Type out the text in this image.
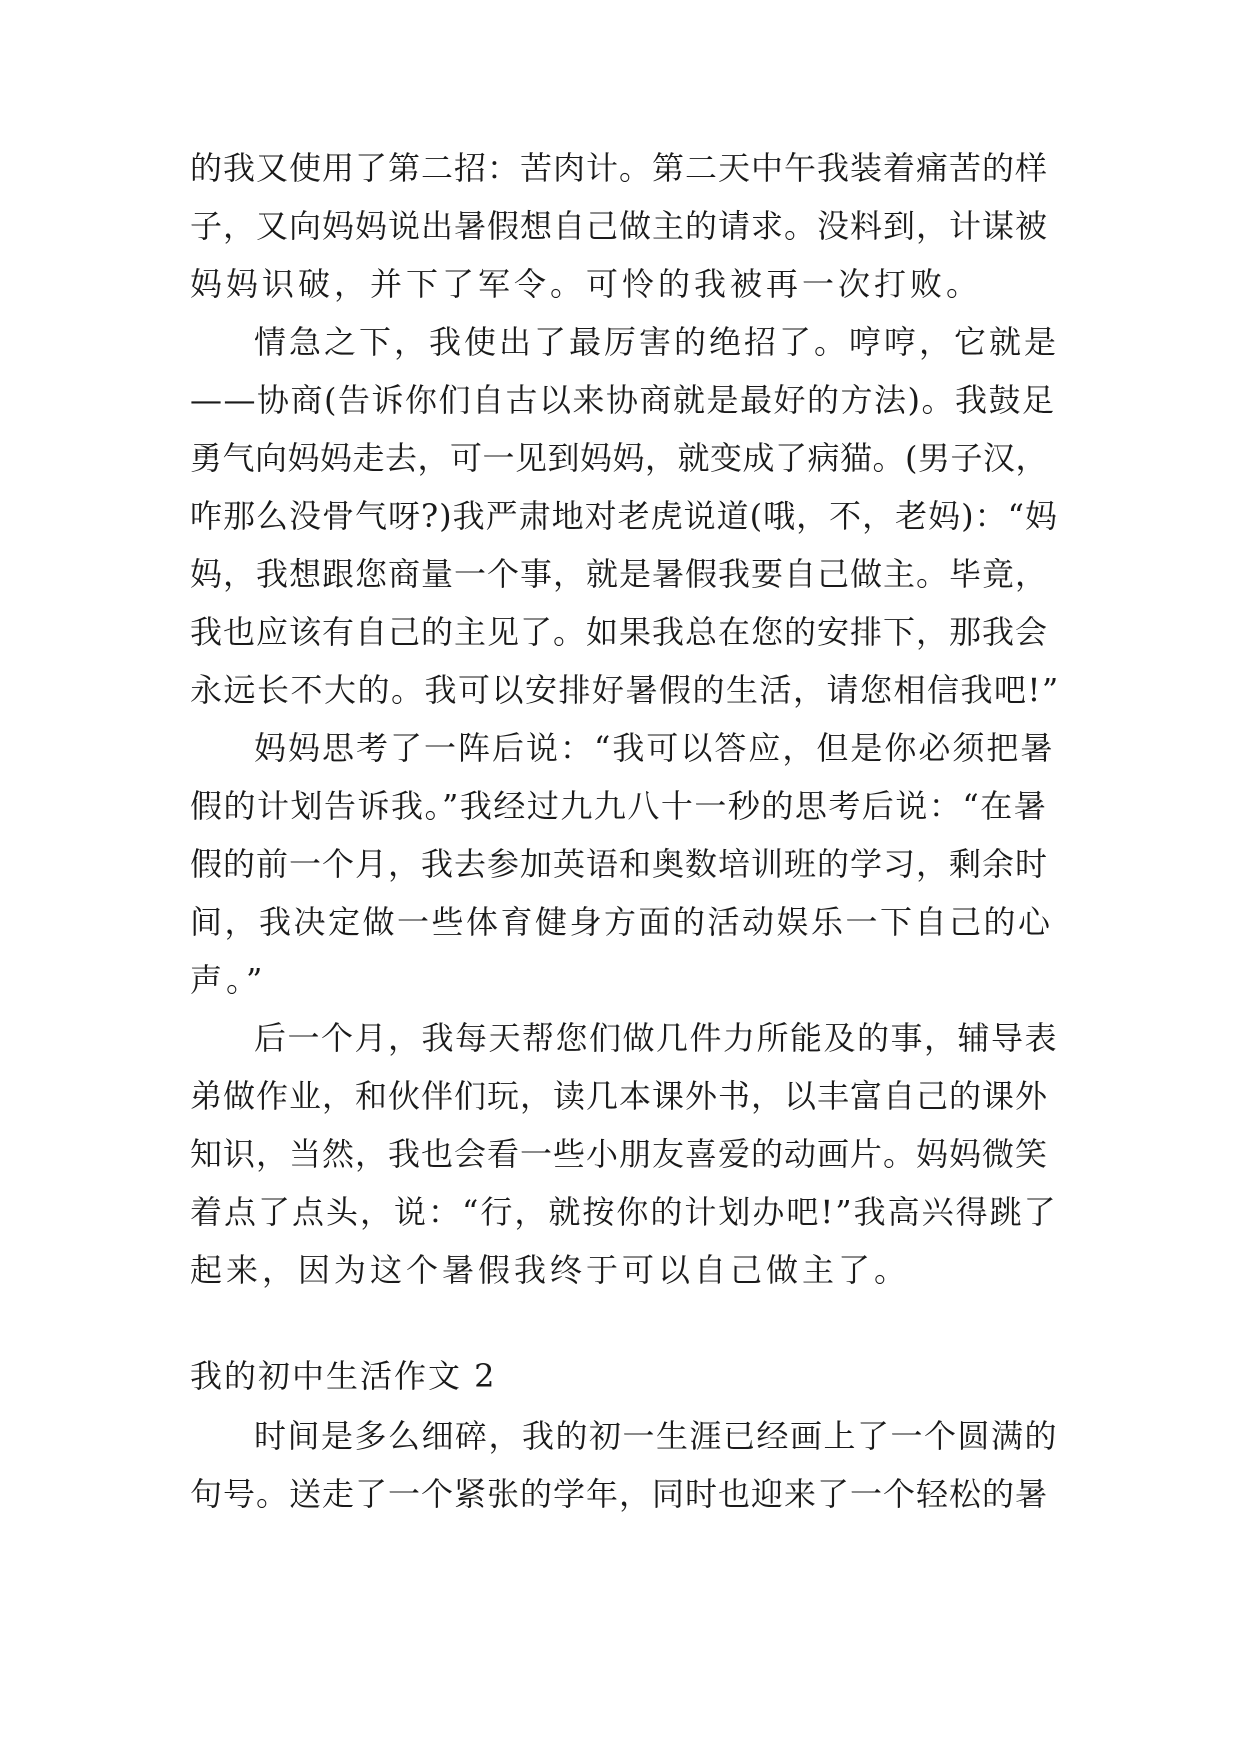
的我又使用了第二招：苦肉计。第二天中午我装着痛苦的样
子，又向妈妈说出暑假想自己做主的请求。没料到，计谋被
妈妈识破，并下了军令。可怜的我被再一次打败。
情急之下，我使出了最厉害的绝招了。哼哼，它就是
——协商(告诉你们自古以来协商就是最好的方法)。我鼓足
勇气向妈妈走去，可一见到妈妈，就变成了病猫。(男子汉，
咋那么没骨气呀?)我严肃地对老虎说道(哦，不，老妈)：“妈
妈，我想跟您商量一个事，就是暑假我要自己做主。毕竟，
我也应该有自己的主见了。如果我总在您的安排下，那我会
永远长不大的。我可以安排好暑假的生活，请您相信我吧!”
妈妈思考了一阵后说：“我可以答应，但是你必须把暑
假的计划告诉我。”我经过九九八十一秒的思考后说：“在暑
假的前一个月，我去参加英语和奥数培训班的学习，剩余时
间，我决定做一些体育健身方面的活动娱乐一下自己的心
声。”
后一个月，我每天帮您们做几件力所能及的事，辅导表
弟做作业，和伙伴们玩，读几本课外书，以丰富自己的课外
知识，当然，我也会看一些小朋友喜爱的动画片。妈妈微笑
着点了点头，说：“行，就按你的计划办吧!”我高兴得跳了
起来，因为这个暑假我终于可以自己做主了。
我的初中生活作文 2
时间是多么细碎，我的初一生涯已经画上了一个圆满的
句号。送走了一个紧张的学年，同时也迎来了一个轻松的暑
